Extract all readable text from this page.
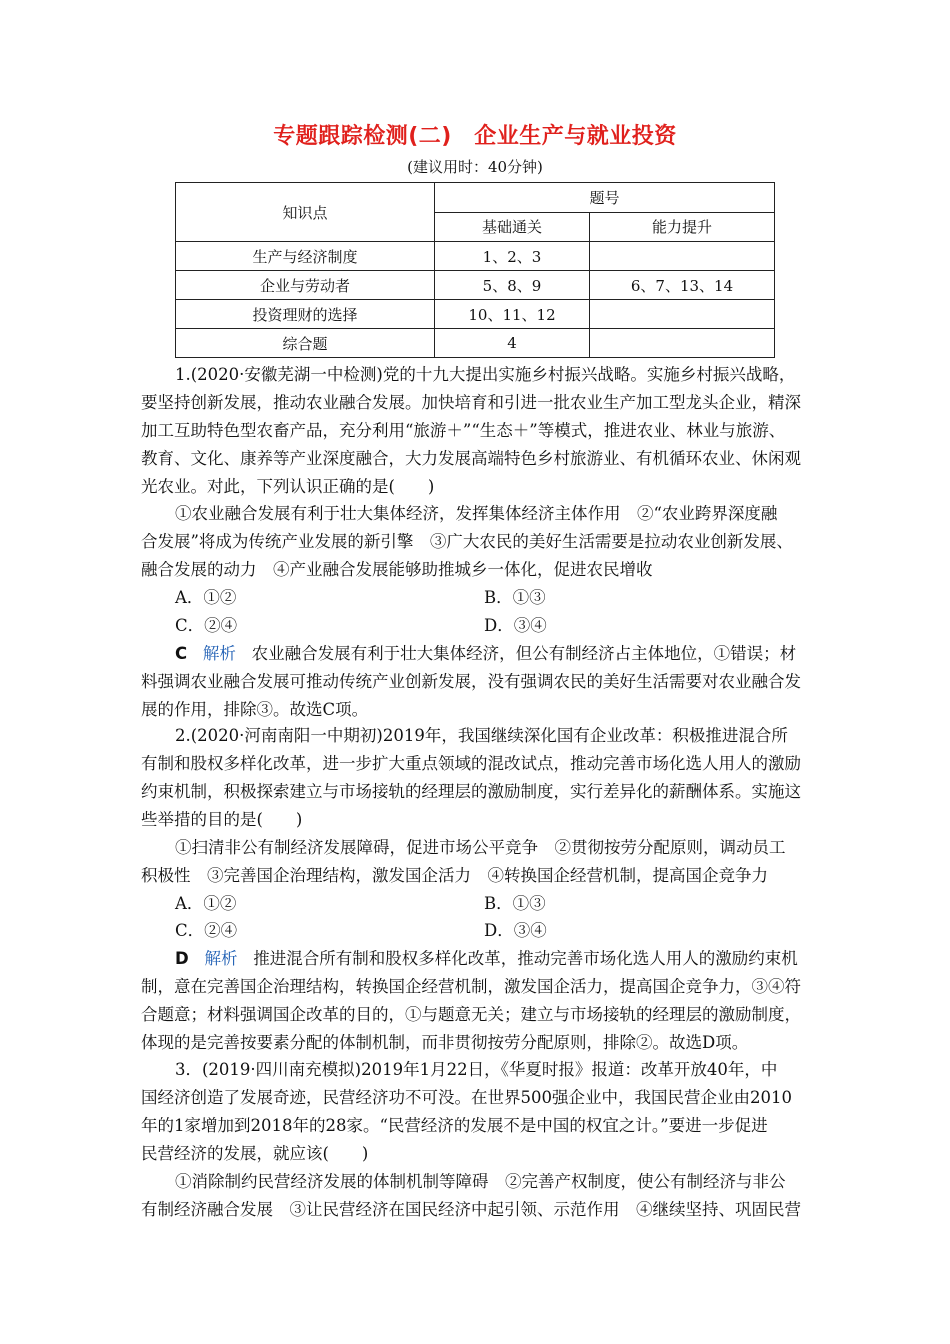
专题跟踪检测(二)　企业生产与就业投资
(建议用时：40分钟)
知识点	题号	
	基础通关	能力提升
生产与经济制度	1、2、3	
企业与劳动者	5、8、9	6、7、13、14
投资理财的选择	10、11、12	
综合题	4	
1.(2020·安徽芜湖一中检测)党的十九大提出实施乡村振兴战略。实施乡村振兴战略，
要坚持创新发展，推动农业融合发展。加快培育和引进一批农业生产加工型龙头企业，精深
加工互助特色型农畜产品，充分利用“旅游＋”“生态＋”等模式，推进农业、林业与旅游、
教育、文化、康养等产业深度融合，大力发展高端特色乡村旅游业、有机循环农业、休闲观
光农业。对此，下列认识正确的是(　　)
①农业融合发展有利于壮大集体经济，发挥集体经济主体作用　②“农业跨界深度融
合发展”将成为传统产业发展的新引擎　③广大农民的美好生活需要是拉动农业创新发展、
融合发展的动力　④产业融合发展能够助推城乡一体化，促进农民增收
A．①②	B．①③
C．②④	D．③④
C 解析 农业融合发展有利于壮大集体经济，但公有制经济占主体地位，①错误；材
料强调农业融合发展可推动传统产业创新发展，没有强调农民的美好生活需要对农业融合发
展的作用，排除③。故选C项。
2.(2020·河南南阳一中期初)2019年，我国继续深化国有企业改革：积极推进混合所
有制和股权多样化改革，进一步扩大重点领域的混改试点，推动完善市场化选人用人的激励
约束机制，积极探索建立与市场接轨的经理层的激励制度，实行差异化的薪酬体系。实施这
些举措的目的是(　　)
①扫清非公有制经济发展障碍，促进市场公平竞争　②贯彻按劳分配原则，调动员工
积极性　③完善国企治理结构，激发国企活力　④转换国企经营机制，提高国企竞争力
A．①②	B．①③
C．②④	D．③④
D 解析 推进混合所有制和股权多样化改革，推动完善市场化选人用人的激励约束机
制，意在完善国企治理结构，转换国企经营机制，激发国企活力，提高国企竞争力，③④符
合题意；材料强调国企改革的目的，①与题意无关；建立与市场接轨的经理层的激励制度，
体现的是完善按要素分配的体制机制，而非贯彻按劳分配原则，排除②。故选D项。
3．(2019·四川南充模拟)2019年1月22日，《华夏时报》报道：改革开放40年，中
国经济创造了发展奇迹，民营经济功不可没。在世界500强企业中，我国民营企业由2010
年的1家增加到2018年的28家。“民营经济的发展不是中国的权宜之计。”要进一步促进
民营经济的发展，就应该(　　)
①消除制约民营经济发展的体制机制等障碍　②完善产权制度，使公有制经济与非公
有制经济融合发展　③让民营经济在国民经济中起引领、示范作用　④继续坚持、巩固民营
